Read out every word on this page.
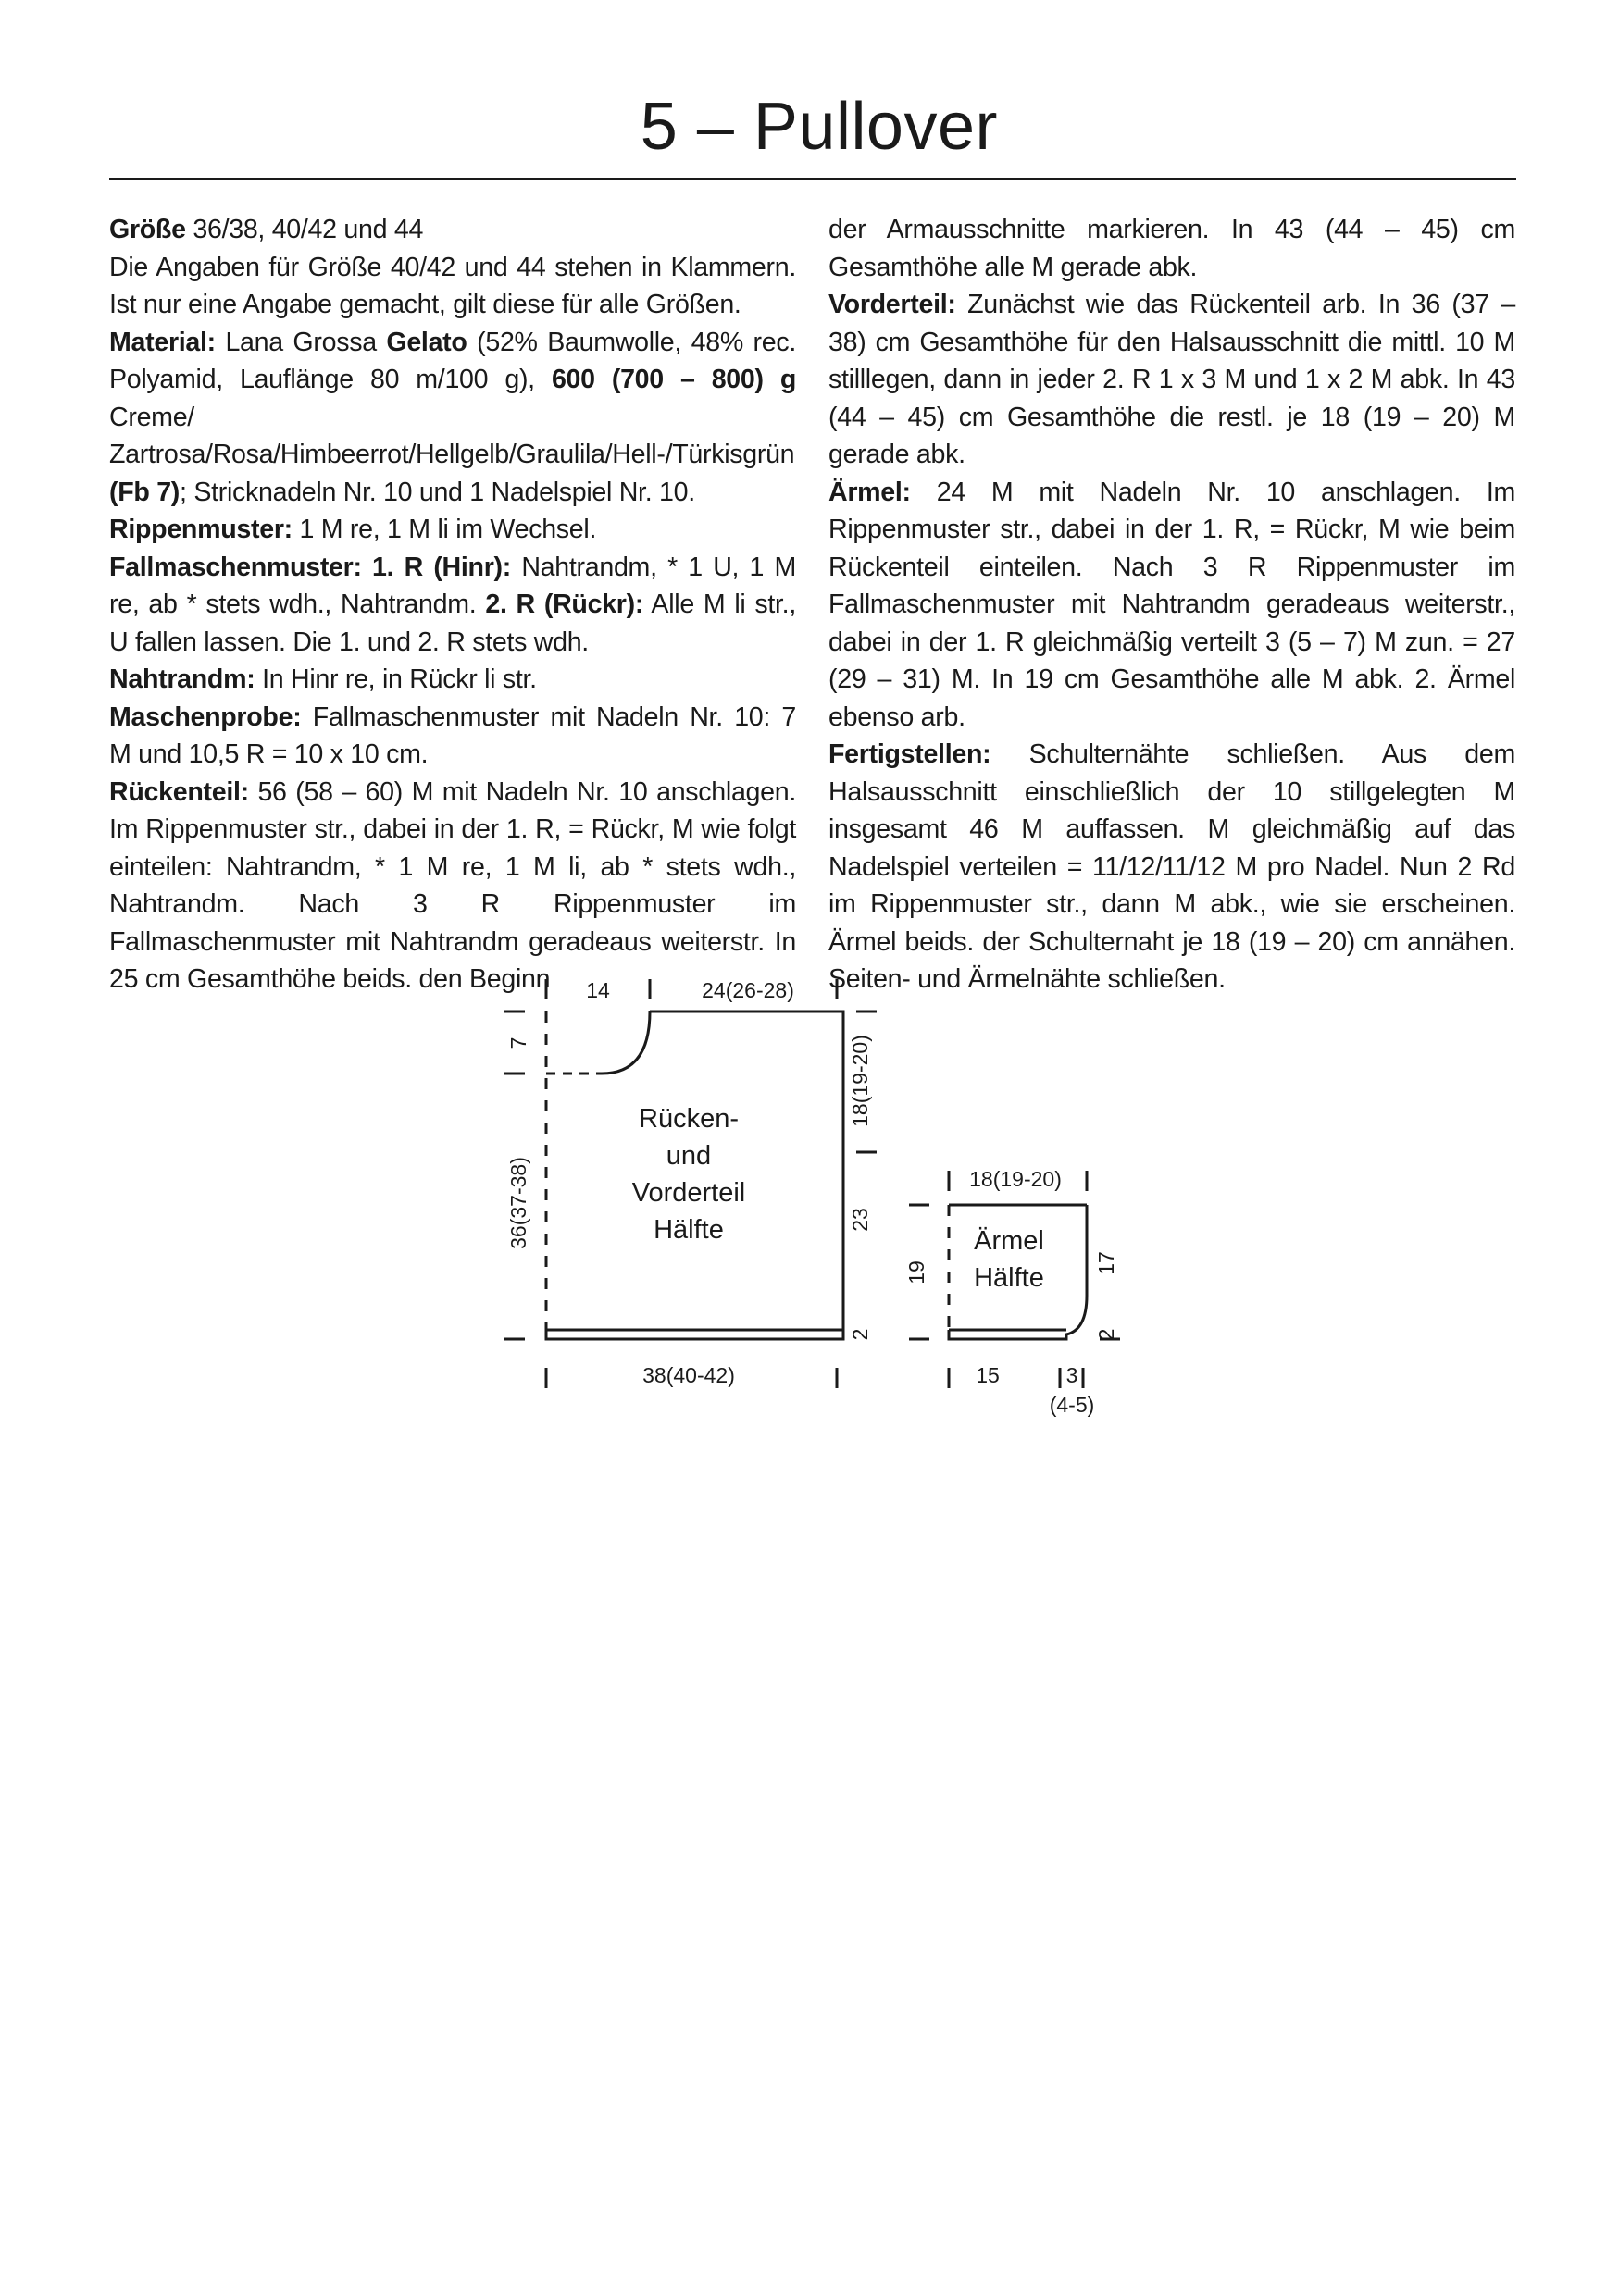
5 – Pullover

Größe 36/38, 40/42 und 44

Die Angaben für Größe 40/42 und 44 stehen in Klammern. Ist nur eine Angabe gemacht, gilt diese für alle Größen.

Material: Lana Grossa Gelato (52% Baumwolle, 48% rec. Polyamid, Lauflänge 80 m/100 g), 600 (700 – 800) g Creme/ Zartrosa/Rosa/Himbeerrot/Hellgelb/Graulila/Hell-/Türkisgrün (Fb 7); Stricknadeln Nr. 10 und 1 Nadelspiel Nr. 10.

Rippenmuster: 1 M re, 1 M li im Wechsel.

Fallmaschenmuster: 1. R (Hinr): Nahtrandm, * 1 U, 1 M re, ab * stets wdh., Nahtrandm. 2. R (Rückr): Alle M li str., U fallen lassen. Die 1. und 2. R stets wdh.

Nahtrandm: In Hinr re, in Rückr li str.

Maschenprobe: Fallmaschenmuster mit Nadeln Nr. 10: 7 M und 10,5 R = 10 x 10 cm.

Rückenteil: 56 (58 – 60) M mit Nadeln Nr. 10 anschlagen. Im Rippenmuster str., dabei in der 1. R, = Rückr, M wie folgt einteilen: Nahtrandm, * 1 M re, 1 M li, ab * stets wdh., Nahtrandm. Nach 3 R Rippenmuster im Fallmaschenmuster mit Nahtrandm geradeaus weiterstr. In 25 cm Gesamthöhe beids. den Beginn

der Armausschnitte markieren. In 43 (44 – 45) cm Gesamthöhe alle M gerade abk.

Vorderteil: Zunächst wie das Rückenteil arb. In 36 (37 – 38) cm Gesamthöhe für den Halsausschnitt die mittl. 10 M stilllegen, dann in jeder 2. R 1 x 3 M und 1 x 2 M abk. In 43 (44 – 45) cm Gesamthöhe die restl. je 18 (19 – 20) M gerade abk.

Ärmel: 24 M mit Nadeln Nr. 10 anschlagen. Im Rippenmuster str., dabei in der 1. R, = Rückr, M wie beim Rückenteil einteilen. Nach 3 R Rippenmuster im Fallmaschenmuster mit Nahtrandm geradeaus weiterstr., dabei in der 1. R gleichmäßig verteilt 3 (5 – 7) M zun. = 27 (29 – 31) M. In 19 cm Gesamthöhe alle M abk. 2. Ärmel ebenso arb.

Fertigstellen: Schulternähte schließen. Aus dem Halsausschnitt einschließlich der 10 stillgelegten M insgesamt 46 M auffassen. M gleichmäßig auf das Nadelspiel verteilen = 11/12/11/12 M pro Nadel. Nun 2 Rd im Rippenmuster str., dann M abk., wie sie erscheinen. Ärmel beids. der Schulternaht je 18 (19 – 20) cm annähen. Seiten- und Ärmelnähte schließen.

14	24(26-28)
7
36(37-38)
18(19-20)
23
2
38(40-42)
Rücken-
und
Vorderteil
Hälfte
18(19-20)
19	17
2
15	3
(4-5)
Ärmel
Hälfte
